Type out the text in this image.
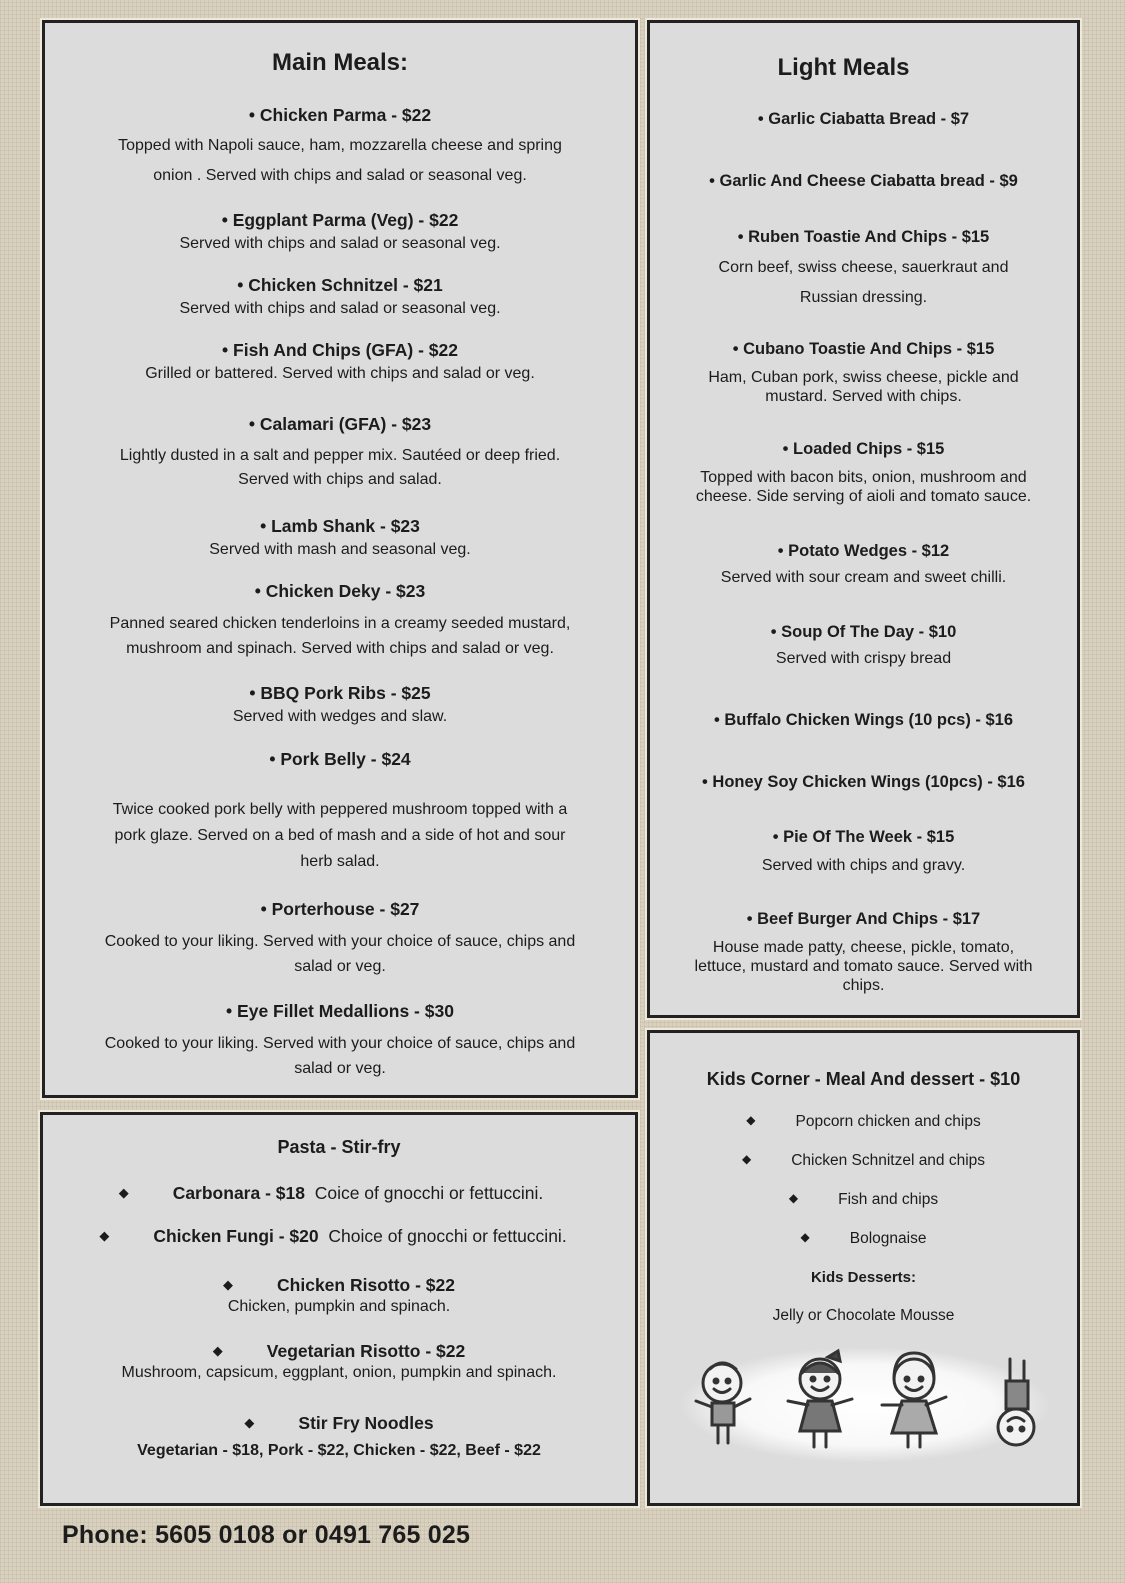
Main Meals:
• Chicken Parma - $22
Topped with Napoli sauce, ham, mozzarella cheese and spring
onion . Served with chips and salad or seasonal veg.
• Eggplant Parma (Veg) - $22
Served with chips and salad or seasonal veg.
• Chicken Schnitzel - $21
Served with chips and salad or seasonal veg.
• Fish And Chips (GFA) - $22
Grilled or battered. Served with chips and salad or veg.
• Calamari (GFA) - $23
Lightly dusted in a salt and pepper mix. Sautéed or deep fried.
Served with chips and salad.
• Lamb Shank - $23
Served with mash and seasonal veg.
• Chicken Deky - $23
Panned seared chicken tenderloins in a creamy seeded mustard,
mushroom and spinach. Served with chips and salad or veg.
• BBQ Pork Ribs - $25
Served with wedges and slaw.
• Pork Belly - $24
Twice cooked pork belly with peppered mushroom topped with a
pork glaze. Served on a bed of mash and a side of hot and sour
herb salad.
• Porterhouse - $27
Cooked to your liking. Served with your choice of sauce, chips and
salad or veg.
• Eye Fillet Medallions - $30
Cooked to your liking. Served with your choice of sauce, chips and
salad or veg.
Light Meals
• Garlic Ciabatta Bread - $7
• Garlic And Cheese Ciabatta bread - $9
• Ruben Toastie And Chips - $15
Corn beef, swiss cheese, sauerkraut and
Russian dressing.
• Cubano Toastie And Chips - $15
Ham, Cuban pork, swiss cheese, pickle and
mustard. Served with chips.
• Loaded Chips - $15
Topped with bacon bits, onion, mushroom and
cheese. Side serving of aioli and tomato sauce.
• Potato Wedges - $12
Served with sour cream and sweet chilli.
• Soup Of The Day - $10
Served with crispy bread
• Buffalo Chicken Wings (10 pcs) - $16
• Honey Soy Chicken Wings (10pcs) - $16
• Pie Of The Week - $15
Served with chips and gravy.
• Beef Burger And Chips - $17
House made patty, cheese, pickle, tomato,
lettuce, mustard and tomato sauce. Served with
chips.
Pasta - Stir-fry
◆	Carbonara - $18 Coice of gnocchi or fettuccini.
◆	Chicken Fungi - $20 Choice of gnocchi or fettuccini.
◆	Chicken Risotto - $22
Chicken, pumpkin and spinach.
◆	Vegetarian Risotto - $22
Mushroom, capsicum, eggplant, onion, pumpkin and spinach.
◆	Stir Fry Noodles
Vegetarian - $18, Pork - $22, Chicken - $22, Beef - $22
Kids Corner - Meal And dessert - $10
◆	Popcorn chicken and chips
◆	Chicken Schnitzel and chips
◆	Fish and chips
◆	Bolognaise
Kids Desserts:
Jelly or Chocolate Mousse
Phone: 5605 0108 or 0491 765 025
